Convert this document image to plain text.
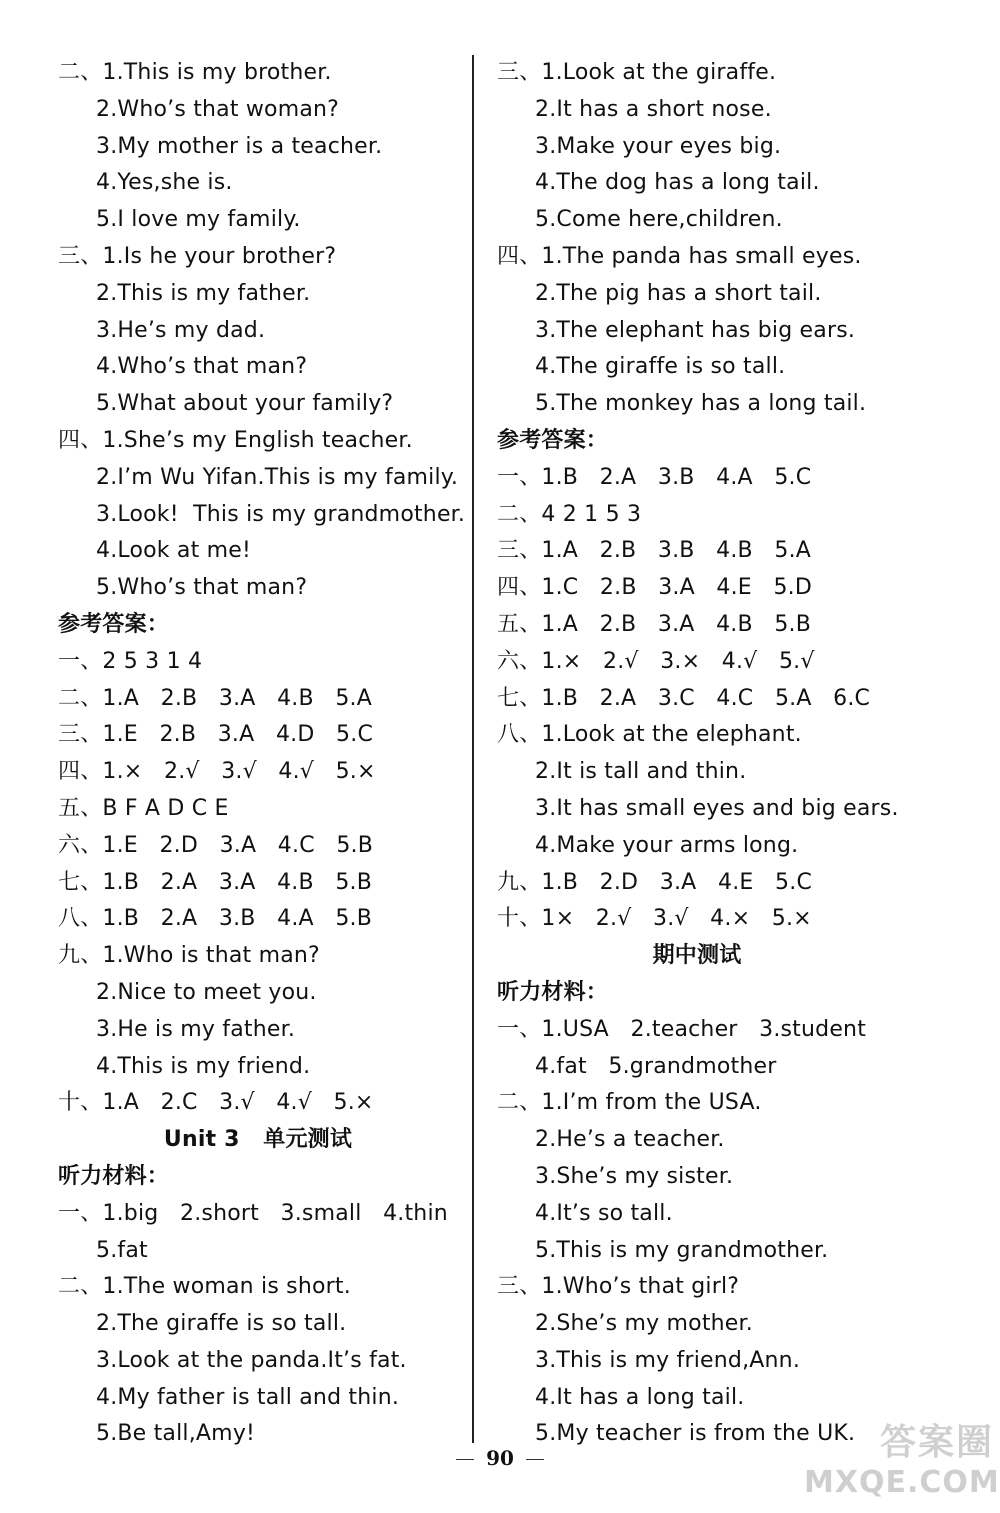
二、1.This is my brother.
2.Who’s that woman?
3.My mother is a teacher.
4.Yes,she is.
5.I love my family.
三、1.Is he your brother?
2.This is my father.
3.He’s my dad.
4.Who’s that man?
5.What about your family?
四、1.She’s my English teacher.
2.I’m Wu Yifan.This is my family.
3.Look!  This is my grandmother.
4.Look at me!
5.Who’s that man?
参考答案：
一、2 5 3 1 4
二、1.A   2.B   3.A   4.B   5.A
三、1.E   2.B   3.A   4.D   5.C
四、1.×   2.√   3.√   4.√   5.×
五、B F A D C E
六、1.E   2.D   3.A   4.C   5.B
七、1.B   2.A   3.A   4.B   5.B
八、1.B   2.A   3.B   4.A   5.B
九、1.Who is that man?
2.Nice to meet you.
3.He is my father.
4.This is my friend.
十、1.A   2.C   3.√   4.√   5.×
Unit 3   单元测试
听力材料：
一、1.big   2.short   3.small   4.thin
5.fat
二、1.The woman is short.
2.The giraffe is so tall.
3.Look at the panda.It’s fat.
4.My father is tall and thin.
5.Be tall,Amy!
三、1.Look at the giraffe.
2.It has a short nose.
3.Make your eyes big.
4.The dog has a long tail.
5.Come here,children.
四、1.The panda has small eyes.
2.The pig has a short tail.
3.The elephant has big ears.
4.The giraffe is so tall.
5.The monkey has a long tail.
参考答案：
一、1.B   2.A   3.B   4.A   5.C
二、4 2 1 5 3
三、1.A   2.B   3.B   4.B   5.A
四、1.C   2.B   3.A   4.E   5.D
五、1.A   2.B   3.A   4.B   5.B
六、1.×   2.√   3.×   4.√   5.√
七、1.B   2.A   3.C   4.C   5.A   6.C
八、1.Look at the elephant.
2.It is tall and thin.
3.It has small eyes and big ears.
4.Make your arms long.
九、1.B   2.D   3.A   4.E   5.C
十、1×   2.√   3.√   4.×   5.×
期中测试
听力材料：
一、1.USA   2.teacher   3.student
4.fat   5.grandmother
二、1.I’m from the USA.
2.He’s a teacher.
3.She’s my sister.
4.It’s so tall.
5.This is my grandmother.
三、1.Who’s that girl?
2.She’s my mother.
3.This is my friend,Ann.
4.It has a long tail.
5.My teacher is from the UK.
90	答案圈
MXQE.COM
